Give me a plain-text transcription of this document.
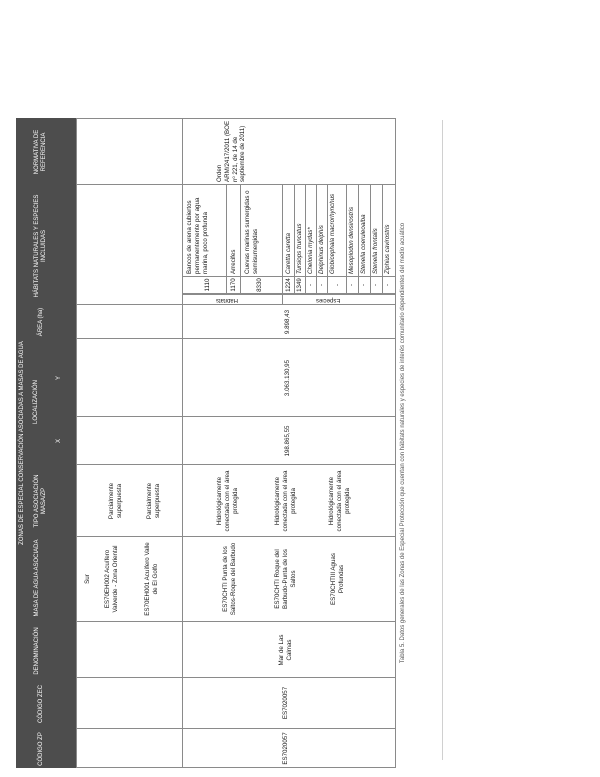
ZONAS DE ESPECIAL CONSERVACIÓN ASOCIADAS A MASAS DE AGUA
CÓDIGO ZP
CÓDIGO ZEC
DENOMINACIÓN
MASA DE AGUA ASOCIADA
TIPO ASOCIACIÓN MASA/ZP
LOCALIZACIÓN
X
Y
ÁREA (ha)
HÁBITATS NATURALES Y ESPECIES INCLUIDAS
NORMATIVA DE REFERENCIA
Sur ES70EH002 Acuífero Valverde - Zona Oriental
Parcialmente superpuesta
ES70EH001 Acuífero Valle de El Golfo
Parcialmente superpuesta
ES7020057
ES7020057
Mar de Las Calmas
ES70CHTI Punta de los Saltos-Roque del Barbudo
Hidrológicamente conectada con el área protegida
ES70CHTI Roque del Barbudo-Punta de los Saltos
Hidrológicamente conectada con el área protegida
ES70CHTIII Aguas Profundas
Hidrológicamente conectada con el área protegida
198.865,55
3.063.130,95
9.898,43
Hábitats	Especies
1110
Bancos de arena cubiertos permanentemente por agua marina, poco profunda
1170
Arrecifes
8330
Cuevas marinas sumergidas o semisumergidas
1224
Caretta caretta
1349
Tursiops truncatus
-
Chelonia mydas*
-
Delphinus delphis
-
Globicephala macrorhynchus
-
Mesoplodon densirostris
-
Stenella coeruleoalba
-
Stenella frontalis
-
Ziphius cavirostris
Orden ARM/2417/2011 (BOE nº 221, de 14 de septiembre de 2011)
Tabla 5. Datos generales de las Zonas de Especial Protección que cuentan con hábitats naturales y especies de interés comunitario dependientes del medio acuático
